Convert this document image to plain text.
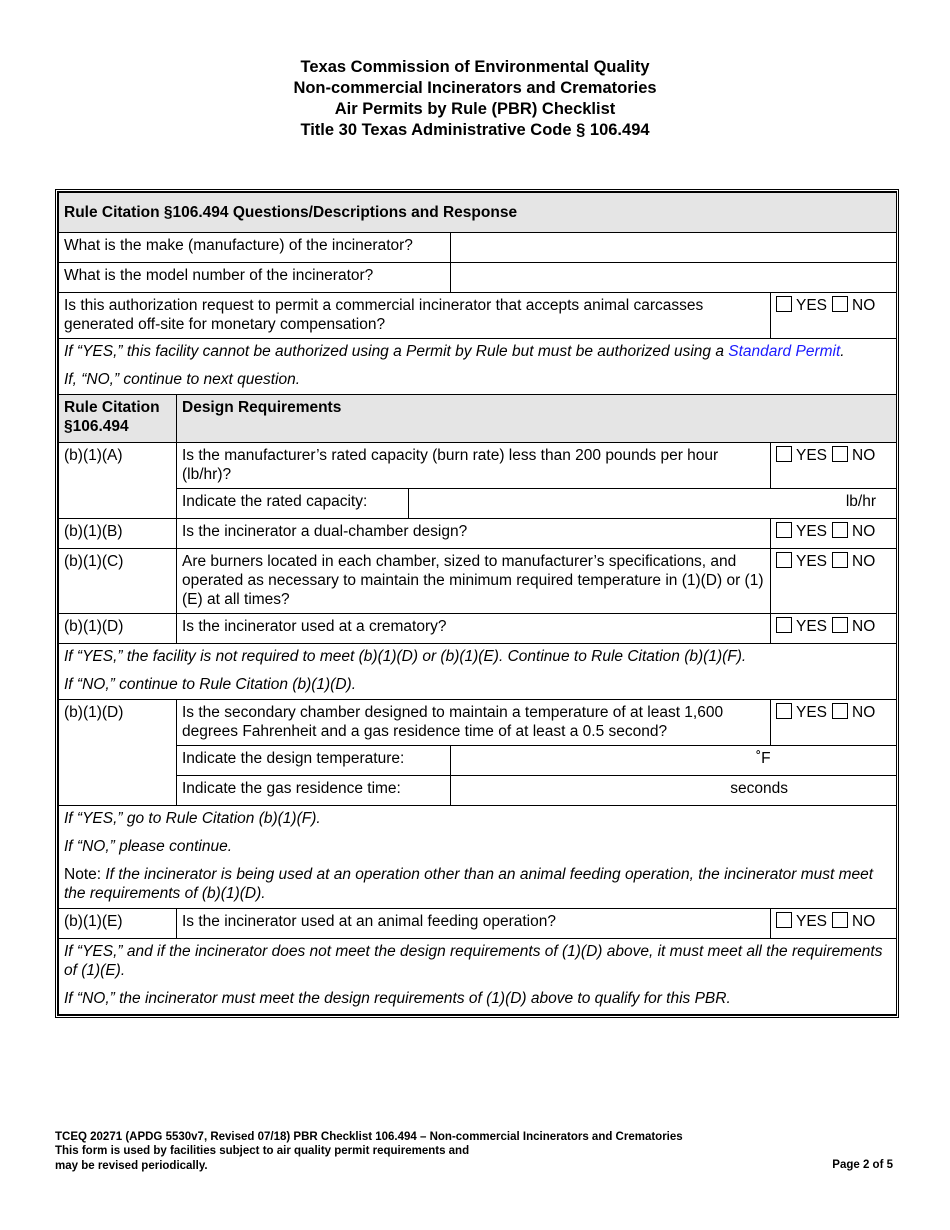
Texas Commission of Environmental Quality
Non-commercial Incinerators and Crematories
Air Permits by Rule (PBR) Checklist
Title 30 Texas Administrative Code § 106.494
Rule Citation §106.494 Questions/Descriptions and Response				
What is the make (manufacture) of the incinerator?				
What is the model number of the incinerator?				
Is this authorization request to permit a commercial incinerator that accepts animal carcasses generated off-site for monetary compensation?				YES NO
If “YES,” this facility cannot be authorized using a Permit by Rule but must be authorized using a Standard Permit.				
If, “NO,” continue to next question.				
Rule Citation §106.494	Design Requirements			
(b)(1)(A)	Is the manufacturer’s rated capacity (burn rate) less than 200 pounds per hour (lb/hr)?			YES NO
	Indicate the rated capacity:	lb/hr		
(b)(1)(B)	Is the incinerator a dual-chamber design?			YES NO
(b)(1)(C)	Are burners located in each chamber, sized to manufacturer’s specifications, and operated as necessary to maintain the minimum required temperature in (1)(D) or (1)(E) at all times?			YES NO
(b)(1)(D)	Is the incinerator used at a crematory?			YES NO
If “YES,” the facility is not required to meet (b)(1)(D) or (b)(1)(E). Continue to Rule Citation (b)(1)(F).				
If “NO,” continue to Rule Citation (b)(1)(D).				
(b)(1)(D)	Is the secondary chamber designed to maintain a temperature of at least 1,600 degrees Fahrenheit and a gas residence time of at least a 0.5 second?			YES NO
	Indicate the design temperature:		˚F	
	Indicate the gas residence time:		seconds	
If “YES,” go to Rule Citation (b)(1)(F).				
If “NO,” please continue.				
Note: If the incinerator is being used at an operation other than an animal feeding operation, the incinerator must meet the requirements of (b)(1)(D).				
(b)(1)(E)	Is the incinerator used at an animal feeding operation?			YES NO
If “YES,” and if the incinerator does not meet the design requirements of (1)(D) above, it must meet all the requirements of (1)(E).				
If “NO,” the incinerator must meet the design requirements of (1)(D) above to qualify for this PBR.				
TCEQ 20271 (APDG 5530v7, Revised 07/18) PBR Checklist 106.494 – Non-commercial Incinerators and Crematories
This form is used by facilities subject to air quality permit requirements and
may be revised periodically.	Page 2 of 5
